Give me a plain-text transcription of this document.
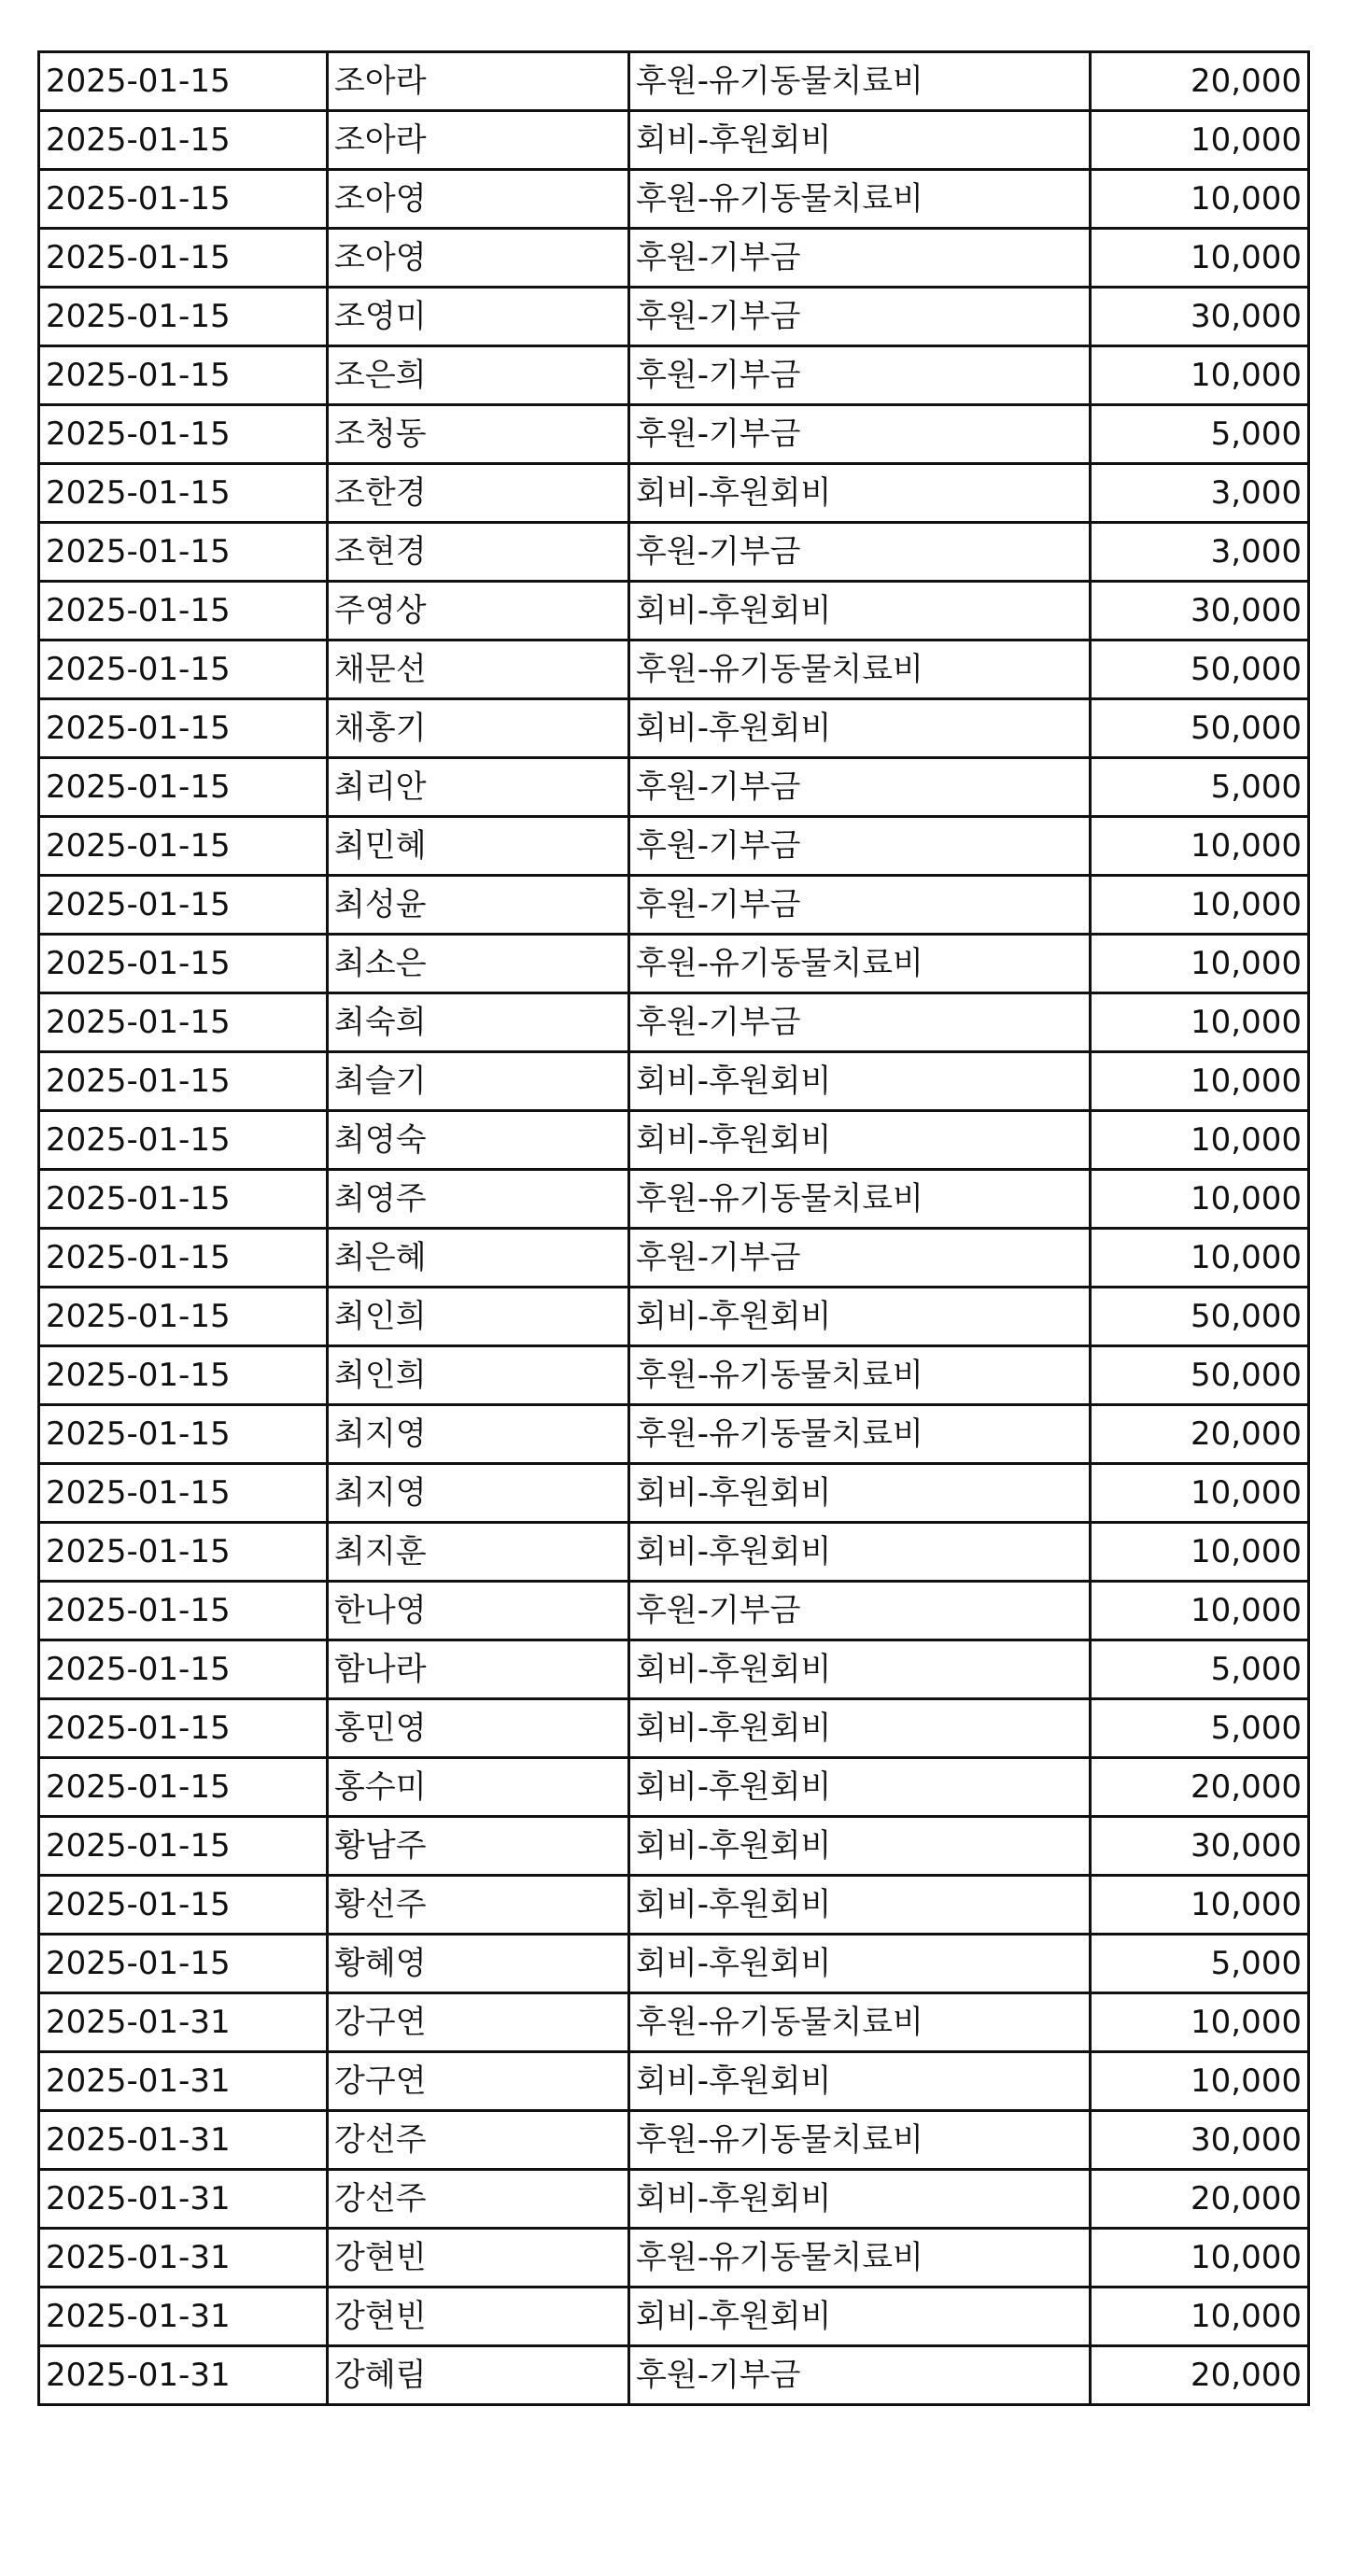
2025-01-15	조아라	후원-유기동물치료비	20,000
2025-01-15	조아라	회비-후원회비	10,000
2025-01-15	조아영	후원-유기동물치료비	10,000
2025-01-15	조아영	후원-기부금	10,000
2025-01-15	조영미	후원-기부금	30,000
2025-01-15	조은희	후원-기부금	10,000
2025-01-15	조청동	후원-기부금	5,000
2025-01-15	조한경	회비-후원회비	3,000
2025-01-15	조현경	후원-기부금	3,000
2025-01-15	주영상	회비-후원회비	30,000
2025-01-15	채문선	후원-유기동물치료비	50,000
2025-01-15	채홍기	회비-후원회비	50,000
2025-01-15	최리안	후원-기부금	5,000
2025-01-15	최민혜	후원-기부금	10,000
2025-01-15	최성윤	후원-기부금	10,000
2025-01-15	최소은	후원-유기동물치료비	10,000
2025-01-15	최숙희	후원-기부금	10,000
2025-01-15	최슬기	회비-후원회비	10,000
2025-01-15	최영숙	회비-후원회비	10,000
2025-01-15	최영주	후원-유기동물치료비	10,000
2025-01-15	최은혜	후원-기부금	10,000
2025-01-15	최인희	회비-후원회비	50,000
2025-01-15	최인희	후원-유기동물치료비	50,000
2025-01-15	최지영	후원-유기동물치료비	20,000
2025-01-15	최지영	회비-후원회비	10,000
2025-01-15	최지훈	회비-후원회비	10,000
2025-01-15	한나영	후원-기부금	10,000
2025-01-15	함나라	회비-후원회비	5,000
2025-01-15	홍민영	회비-후원회비	5,000
2025-01-15	홍수미	회비-후원회비	20,000
2025-01-15	황남주	회비-후원회비	30,000
2025-01-15	황선주	회비-후원회비	10,000
2025-01-15	황혜영	회비-후원회비	5,000
2025-01-31	강구연	후원-유기동물치료비	10,000
2025-01-31	강구연	회비-후원회비	10,000
2025-01-31	강선주	후원-유기동물치료비	30,000
2025-01-31	강선주	회비-후원회비	20,000
2025-01-31	강현빈	후원-유기동물치료비	10,000
2025-01-31	강현빈	회비-후원회비	10,000
2025-01-31	강혜림	후원-기부금	20,000
